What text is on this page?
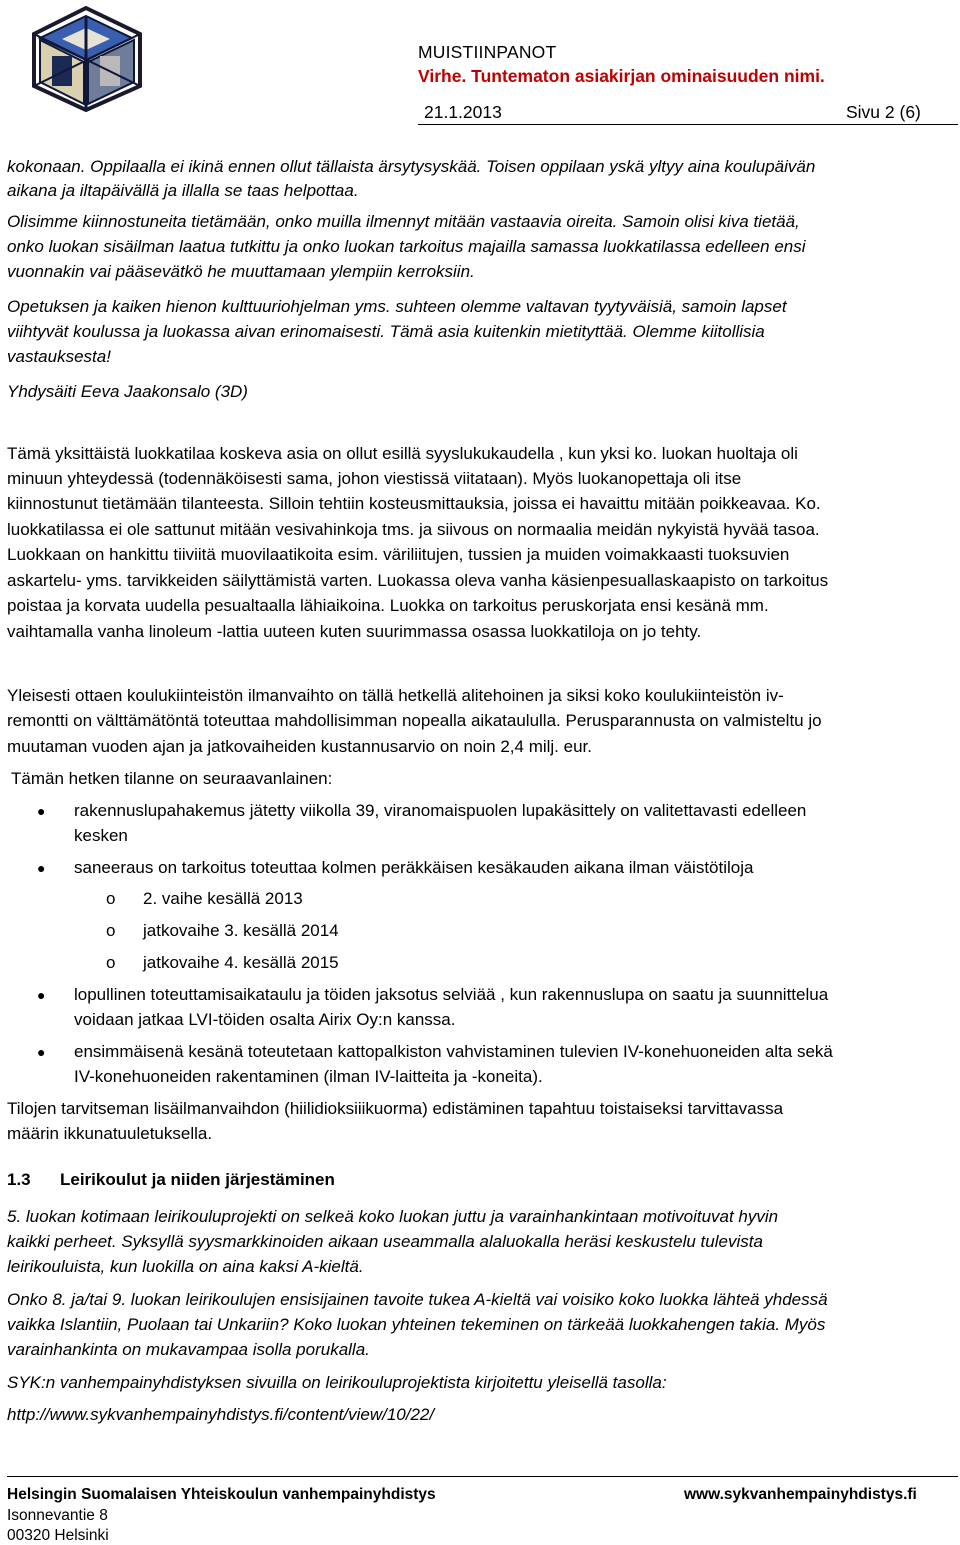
MUISTIINPANOT
Virhe. Tuntematon asiakirjan ominaisuuden nimi.
21.1.2013	Sivu 2 (6)
kokonaan. Oppilaalla ei ikinä ennen ollut tällaista ärsytysyskää. Toisen oppilaan yskä yltyy aina koulupäivän
aikana ja iltapäivällä ja illalla se taas helpottaa.
Olisimme kiinnostuneita tietämään, onko muilla ilmennyt mitään vastaavia oireita. Samoin olisi kiva tietää,
onko luokan sisäilman laatua tutkittu ja onko luokan tarkoitus majailla samassa luokkatilassa edelleen ensi
vuonnakin vai pääsevätkö he muuttamaan ylempiin kerroksiin.
Opetuksen ja kaiken hienon kulttuuriohjelman yms. suhteen olemme valtavan tyytyväisiä, samoin lapset
viihtyvät koulussa ja luokassa aivan erinomaisesti. Tämä asia kuitenkin mietityttää. Olemme kiitollisia
vastauksesta!
Yhdysäiti Eeva Jaakonsalo (3D)
Tämä yksittäistä luokkatilaa koskeva asia on ollut esillä syyslukukaudella , kun yksi ko. luokan huoltaja oli
minuun yhteydessä (todennäköisesti sama, johon viestissä viitataan). Myös luokanopettaja oli itse
kiinnostunut tietämään tilanteesta. Silloin tehtiin kosteusmittauksia, joissa ei havaittu mitään poikkeavaa. Ko.
luokkatilassa ei ole sattunut mitään vesivahinkoja tms. ja siivous on normaalia meidän nykyistä hyvää tasoa.
Luokkaan on hankittu tiiviitä muovilaatikoita esim. väriliitujen, tussien ja muiden voimakkaasti tuoksuvien
askartelu- yms. tarvikkeiden säilyttämistä varten. Luokassa oleva vanha käsienpesuallaskaapisto on tarkoitus
poistaa ja korvata uudella pesualtaalla lähiaikoina. Luokka on tarkoitus peruskorjata ensi kesänä mm.
vaihtamalla vanha linoleum -lattia uuteen kuten suurimmassa osassa luokkatiloja on jo tehty.
Yleisesti ottaen koulukiinteistön ilmanvaihto on tällä hetkellä alitehoinen ja siksi koko koulukiinteistön iv-
remontti on välttämätöntä toteuttaa mahdollisimman nopealla aikataululla. Perusparannusta on valmisteltu jo
muutaman vuoden ajan ja jatkovaiheiden kustannusarvio on noin 2,4 milj. eur.
Tämän hetken tilanne on seuraavanlainen:
● rakennuslupahakemus jätetty viikolla 39, viranomaispuolen lupakäsittely on valitettavasti edelleen
kesken
● saneeraus on tarkoitus toteuttaa kolmen peräkkäisen kesäkauden aikana ilman väistötiloja
o 2. vaihe kesällä 2013
o jatkovaihe 3. kesällä 2014
o jatkovaihe 4. kesällä 2015
● lopullinen toteuttamisaikataulu ja töiden jaksotus selviää , kun rakennuslupa on saatu ja suunnittelua
voidaan jatkaa LVI-töiden osalta Airix Oy:n kanssa.
● ensimmäisenä kesänä toteutetaan kattopalkiston vahvistaminen tulevien IV-konehuoneiden alta sekä
IV-konehuoneiden rakentaminen (ilman IV-laitteita ja -koneita).
Tilojen tarvitseman lisäilmanvaihdon (hiilidioksiiikuorma) edistäminen tapahtuu toistaiseksi tarvittavassa
määrin ikkunatuuletuksella.
1.3 Leirikoulut ja niiden järjestäminen
5. luokan kotimaan leirikouluprojekti on selkeä koko luokan juttu ja varainhankintaan motivoituvat hyvin
kaikki perheet. Syksyllä syysmarkkinoiden aikaan useammalla alaluokalla heräsi keskustelu tulevista
leirikouluista, kun luokilla on aina kaksi A-kieltä.
Onko 8. ja/tai 9. luokan leirikoulujen ensisijainen tavoite tukea A-kieltä vai voisiko koko luokka lähteä yhdessä
vaikka Islantiin, Puolaan tai Unkariin? Koko luokan yhteinen tekeminen on tärkeää luokkahengen takia. Myös
varainhankinta on mukavampaa isolla porukalla.
SYK:n vanhempainyhdistyksen sivuilla on leirikouluprojektista kirjoitettu yleisellä tasolla:
http://www.sykvanhempainyhdistys.fi/content/view/10/22/
Helsingin Suomalaisen Yhteiskoulun vanhempainyhdistys	www.sykvanhempainyhdistys.fi
Isonnevantie 8
00320 Helsinki
